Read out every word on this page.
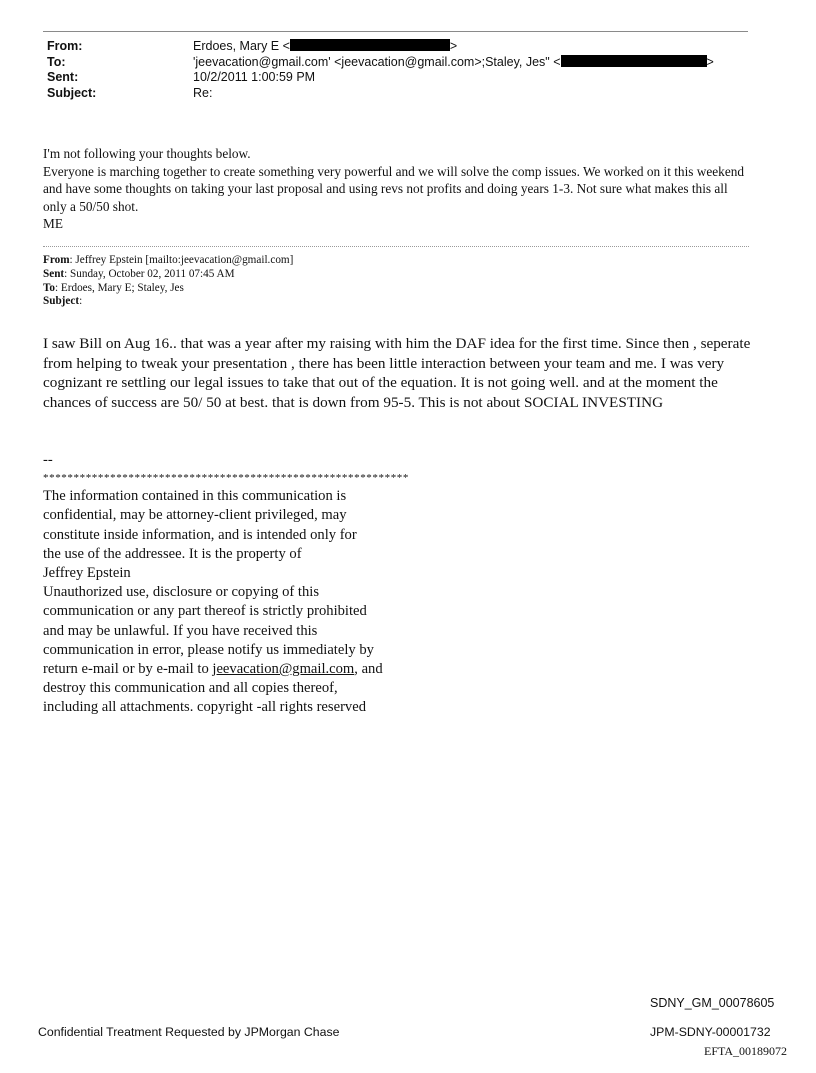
From:	Erdoes, Mary E <	>
To:	'jeevacation@gmail.com' <jeevacation@gmail.com>;Staley, Jes" <	>
Sent:	10/2/2011 1:00:59 PM
Subject:	Re:
I'm not following your thoughts below.
Everyone is marching together to create something very powerful and we will solve the comp issues. We worked on it this weekend and have some thoughts on taking your last proposal and using revs not profits and doing years 1-3. Not sure what makes this all only a 50/50 shot.
ME
From: Jeffrey Epstein [mailto:jeevacation@gmail.com]
Sent: Sunday, October 02, 2011 07:45 AM
To: Erdoes, Mary E; Staley, Jes
Subject:
I saw Bill on Aug 16.. that was a year after my raising with him the DAF idea for the first time. Since then , seperate from helping to tweak your presentation , there has been little interaction between your team and me. I was very cognizant re settling our legal issues to take that out of the equation. It is not going well. and at the moment the chances of success are 50/ 50 at best. that is down from 95-5. This is not about SOCIAL INVESTING
--
************************************************************
The information contained in this communication is
confidential, may be attorney-client privileged, may
constitute inside information, and is intended only for
the use of the addressee. It is the property of
Jeffrey Epstein
Unauthorized use, disclosure or copying of this
communication or any part thereof is strictly prohibited
and may be unlawful. If you have received this
communication in error, please notify us immediately by
return e-mail or by e-mail to jeevacation@gmail.com, and
destroy this communication and all copies thereof,
including all attachments. copyright -all rights reserved
SDNY_GM_00078605
Confidential Treatment Requested by JPMorgan Chase	JPM-SDNY-00001732
EFTA_00189072
